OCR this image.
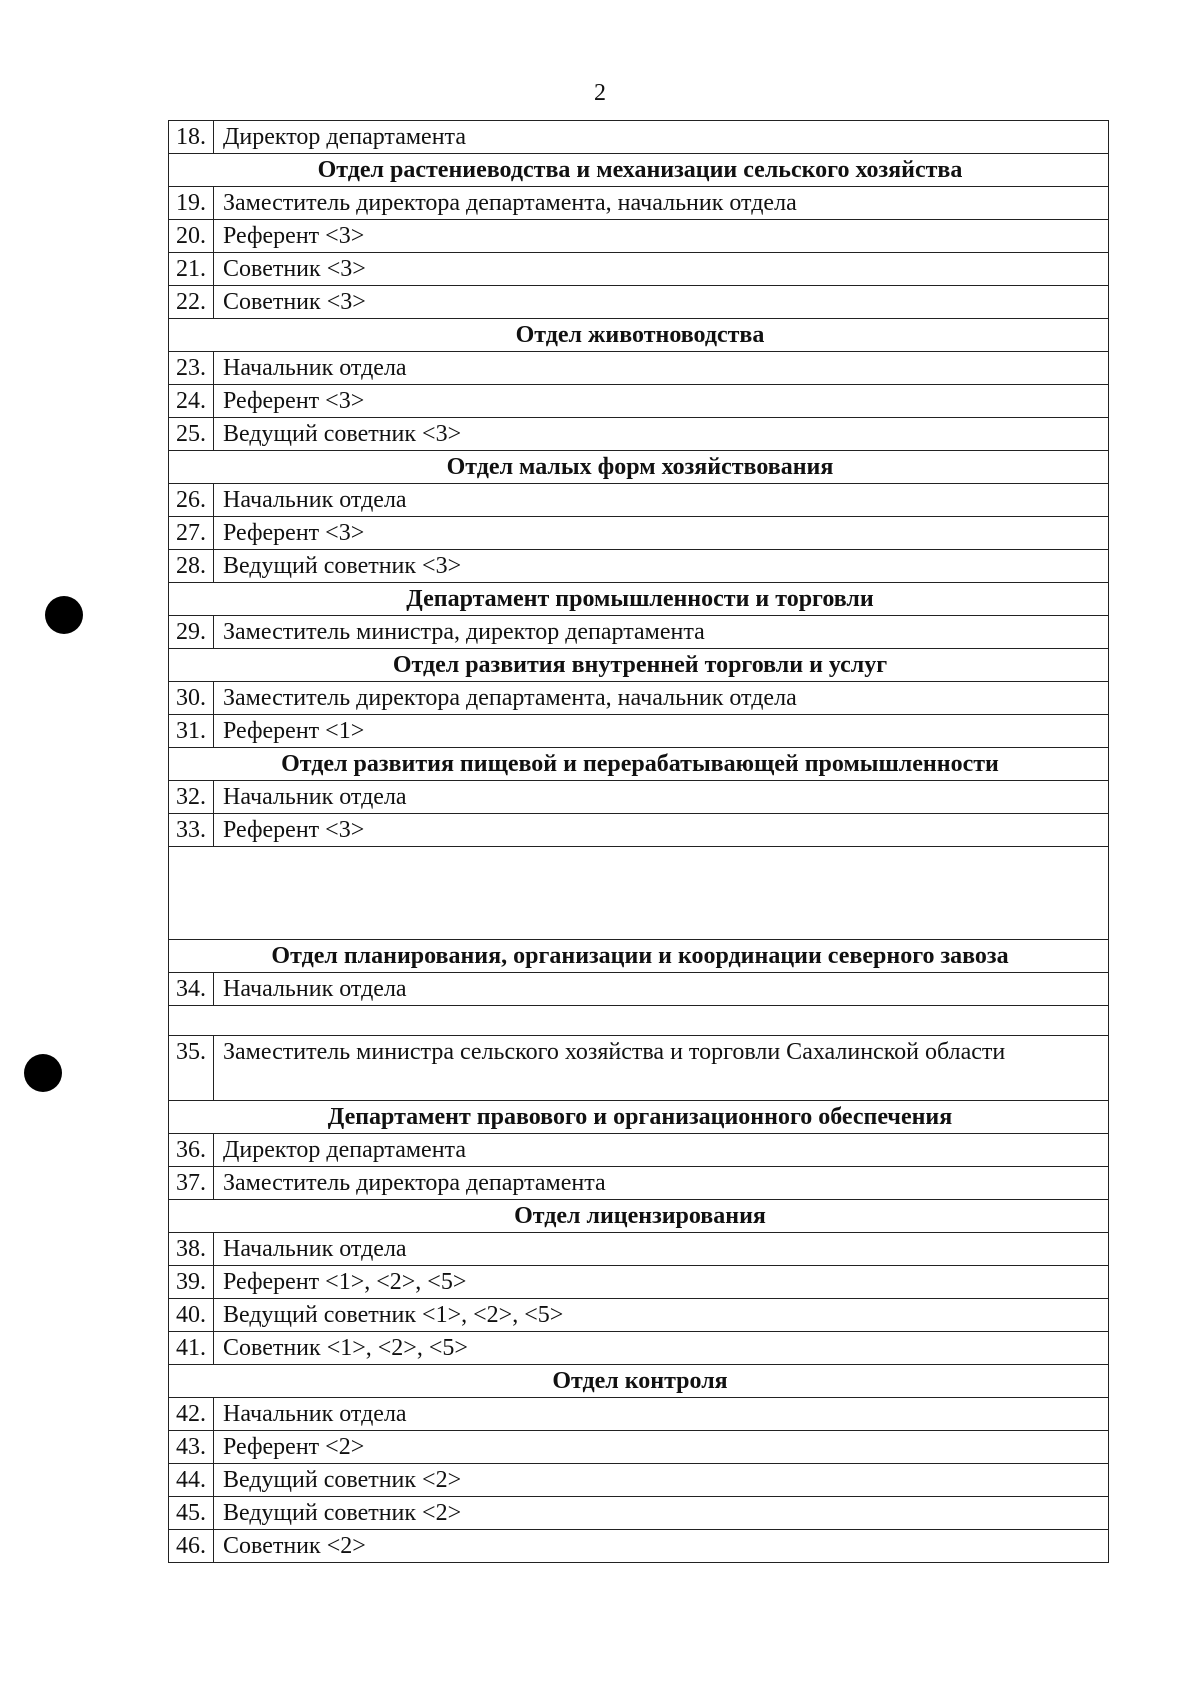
2
18.	Директор департамента
Отдел растениеводства и механизации сельского хозяйства	
19.	Заместитель директора департамента, начальник отдела
20.	Референт <3>
21.	Советник <3>
22.	Советник <3>
Отдел животноводства	
23.	Начальник отдела
24.	Референт <3>
25.	Ведущий советник <3>
Отдел малых форм хозяйствования	
26.	Начальник отдела
27.	Референт <3>
28.	Ведущий советник <3>
Департамент промышленности и торговли	
29.	Заместитель министра, директор департамента
Отдел развития внутренней торговли и услуг	
30.	Заместитель директора департамента, начальник отдела
31.	Референт <1>
Отдел развития пищевой и перерабатывающей промышленности	
32.	Начальник отдела
33.	Референт <3>

Отдел планирования, организации и координации северного завоза	
34.	Начальник отдела

35.	Заместитель министра сельского хозяйства и торговли Сахалинской области
Департамент правового и организационного обеспечения	
36.	Директор департамента
37.	Заместитель директора департамента
Отдел лицензирования	
38.	Начальник отдела
39.	Референт <1>, <2>, <5>
40.	Ведущий советник <1>, <2>, <5>
41.	Советник <1>, <2>, <5>
Отдел контроля	
42.	Начальник отдела
43.	Референт <2>
44.	Ведущий советник <2>
45.	Ведущий советник <2>
46.	Советник <2>
